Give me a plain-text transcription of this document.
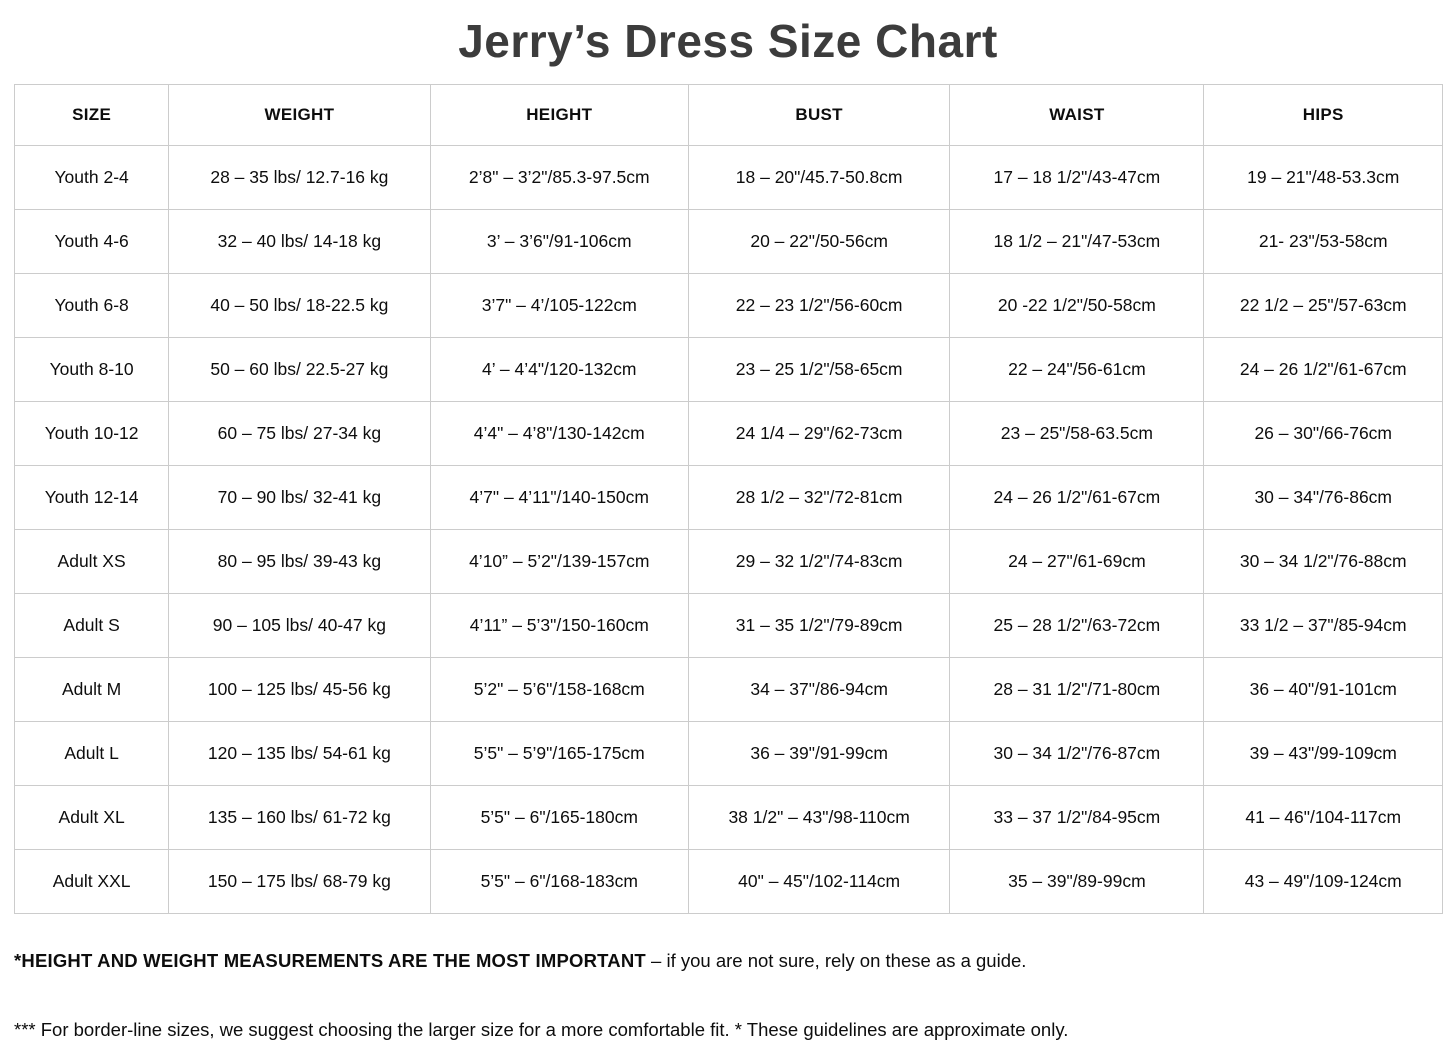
Jerry’s Dress Size Chart
SIZE	WEIGHT	HEIGHT	BUST	WAIST	HIPS
Youth 2-4	28 – 35 lbs/ 12.7-16 kg	2’8" – 3’2"/85.3-97.5cm	18 – 20"/45.7-50.8cm	17 – 18 1/2"/43-47cm	19 – 21"/48-53.3cm
Youth 4-6	32 – 40 lbs/ 14-18 kg	3’ – 3’6"/91-106cm	20 – 22"/50-56cm	18 1/2 – 21"/47-53cm	21- 23"/53-58cm
Youth 6-8	40 – 50 lbs/ 18-22.5 kg	3’7" – 4’/105-122cm	22 – 23 1/2"/56-60cm	20 -22 1/2"/50-58cm	22 1/2 – 25"/57-63cm
Youth 8-10	50 – 60 lbs/ 22.5-27 kg	4’ – 4’4"/120-132cm	23 – 25 1/2"/58-65cm	22 – 24"/56-61cm	24 – 26 1/2"/61-67cm
Youth 10-12	60 – 75 lbs/ 27-34 kg	4’4" – 4’8"/130-142cm	24 1/4 – 29"/62-73cm	23 – 25"/58-63.5cm	26 – 30"/66-76cm
Youth 12-14	70 – 90 lbs/ 32-41 kg	4’7" – 4’11"/140-150cm	28 1/2 – 32"/72-81cm	24 – 26 1/2"/61-67cm	30 – 34"/76-86cm
Adult XS	80 – 95 lbs/ 39-43 kg	4’10” – 5’2"/139-157cm	29 – 32 1/2"/74-83cm	24 – 27"/61-69cm	30 – 34 1/2"/76-88cm
Adult S	90 – 105 lbs/ 40-47 kg	4’11” – 5’3"/150-160cm	31 – 35 1/2"/79-89cm	25 – 28 1/2"/63-72cm	33 1/2 – 37"/85-94cm
Adult M	100 – 125 lbs/ 45-56 kg	5’2" – 5’6"/158-168cm	34 – 37"/86-94cm	28 – 31 1/2"/71-80cm	36 – 40"/91-101cm
Adult L	120 – 135 lbs/ 54-61 kg	5’5" – 5’9"/165-175cm	36 – 39"/91-99cm	30 – 34 1/2"/76-87cm	39 – 43"/99-109cm
Adult XL	135 – 160 lbs/ 61-72 kg	5’5" – 6"/165-180cm	38 1/2" – 43"/98-110cm	33 – 37 1/2"/84-95cm	41 – 46"/104-117cm
Adult XXL	150 – 175 lbs/ 68-79 kg	5’5" – 6"/168-183cm	40" – 45"/102-114cm	35 – 39"/89-99cm	43 – 49"/109-124cm

*HEIGHT AND WEIGHT MEASUREMENTS ARE THE MOST IMPORTANT – if you are not sure, rely on these as a guide.

*** For border-line sizes, we suggest choosing the larger size for a more comfortable fit. * These guidelines are approximate only.
